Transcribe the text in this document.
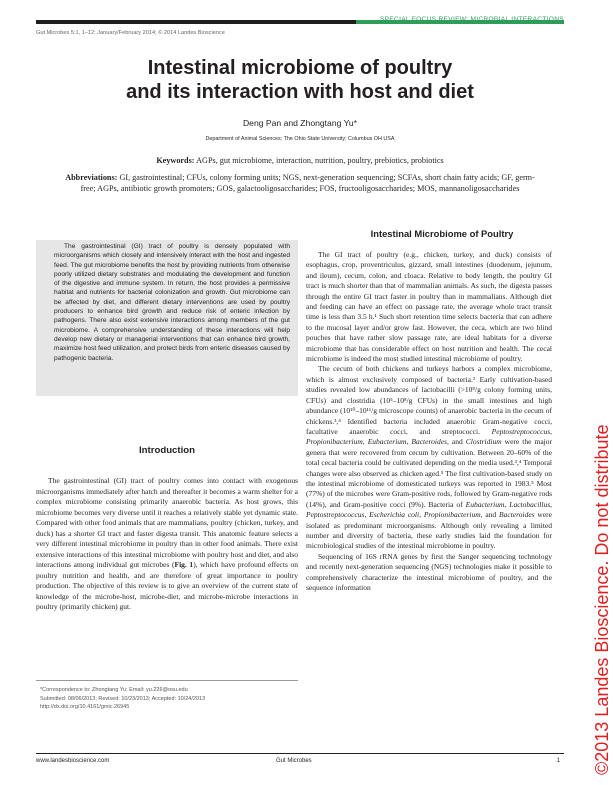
SPECIAL FOCUS REVIEW: MICROBIAL INTERACTIONS
Gut Microbes 5:1, 1–12; January/February 2014; © 2014 Landes Bioscience
Intestinal microbiome of poultry
and its interaction with host and diet
Deng Pan and Zhongtang Yu*
Department of Animal Sciences; The Ohio State University; Columbus OH USA
Keywords: AGPs, gut microbiome, interaction, nutrition, poultry, prebiotics, probiotics
Abbreviations: GI, gastrointestinal; CFUs, colony forming units; NGS, next-generation sequencing; SCFAs, short chain fatty acids; GF, germ-free; AGPs, antibiotic growth promoters; GOS, galactooligosaccharides; FOS, fructooligosaccharides; MOS, mannanoligosaccharides
The gastrointestinal (GI) tract of poultry is densely populated with microorganisms which closely and intensively interact with the host and ingested feed. The gut microbiome benefits the host by providing nutrients from otherwise poorly utilized dietary substrates and modulating the development and function of the digestive and immune system. In return, the host provides a permissive habitat and nutrients for bacterial colonization and growth. Gut microbiome can be affected by diet, and different dietary interventions are used by poultry producers to enhance bird growth and reduce risk of enteric infection by pathogens. There also exist extensive interactions among members of the gut microbiome. A comprehensive understanding of these interactions will help develop new dietary or managerial interventions that can enhance bird growth, maximize host feed utilization, and protect birds from enteric diseases caused by pathogenic bacteria.
Introduction
The gastrointestinal (GI) tract of poultry comes into contact with exogenous microorganisms immediately after hatch and thereafter it becomes a warm shelter for a complex microbiome consisting primarily anaerobic bacteria. As host grows, this microbiome becomes very diverse until it reaches a relatively stable yet dynamic state. Compared with other food animals that are mammalians, poultry (chicken, turkey, and duck) has a shorter GI tract and faster digesta transit. This anatomic feature selects a very different intestinal microbiome in poultry than in other food animals. There exist extensive interactions of this intestinal microbiome with poultry host and diet, and also interactions among individual gut microbes (Fig. 1), which have profound effects on poultry nutrition and health, and are therefore of great importance to poultry production. The objective of this review is to give an overview of the current state of knowledge of the microbe-host, microbe-diet, and microbe-microbe interactions in poultry (primarily chicken) gut.
*Correspondence to: Zhongtang Yu; Email: yu.226@osu.edu
Submitted: 08/06/2013; Revised: 10/23/2013; Accepted: 10/24/2013
http://dx.doi.org/10.4161/gmic.26945
Intestinal Microbiome of Poultry

The GI tract of poultry (e.g., chicken, turkey, and duck) consists of esophagus, crop, proventriculus, gizzard, small intestines (duodenum, jejunum, and ileum), cecum, colon, and cloaca. Relative to body length, the poultry GI tract is much shorter than that of mammalian animals. As such, the digesta passes through the entire GI tract faster in poultry than in mammalians. Although diet and feeding can have an effect on passage rate, the average whole tract transit time is less than 3.5 h.¹ Such short retention time selects bacteria that can adhere to the mucosal layer and/or grow fast. However, the ceca, which are two blind pouches that have rather slow passage rate, are ideal habitats for a diverse microbiome that has considerable effect on host nutrition and health. The cecal microbiome is indeed the most studied intestinal microbiome of poultry.

The cecum of both chickens and turkeys harbors a complex microbiome, which is almost exclusively composed of bacteria.² Early cultivation-based studies revealed low abundances of lactobacilli (>10⁸/g colony forming units, CFUs) and clostridia (10⁵–10⁸/g CFUs) in the small intestines and high abundance (10¹⁰–10¹¹/g microscope counts) of anaerobic bacteria in the cecum of chickens.³,⁴ Identified bacteria included anaerobic Gram-negative cocci, facultative anaerobic cocci, and streptococci. Peptostreptococcus, Propionibacterium, Eubacterium, Bacteroides, and Clostridium were the major genera that were recovered from cecum by cultivation. Between 20–60% of the total cecal bacteria could be cultivated depending on the media used.³,⁴ Temporal changes were also observed as chicken aged.⁵ The first cultivation-based study on the intestinal microbiome of domesticated turkeys was reported in 1983.⁵ Most (77%) of the microbes were Gram-positive rods, followed by Gram-negative rods (14%), and Gram-positive cocci (9%). Bacteria of Eubacterium, Lactobacillus, Peptostreptococcus, Escherichia coli, Propionibacterium, and Bacteroides were isolated as predominant microorganisms. Although only revealing a limited number and diversity of bacteria, these early studies laid the foundation for microbiological studies of the intestinal microbiome in poultry.

Sequencing of 16S rRNA genes by first the Sanger sequencing technology and recently next-generation sequencing (NGS) technologies make it possible to comprehensively characterize the intestinal microbiome of poultry, and the sequence information	©2013 Landes Bioscience. Do not distribute
www.landesbioscience.com	Gut Microbes	1
